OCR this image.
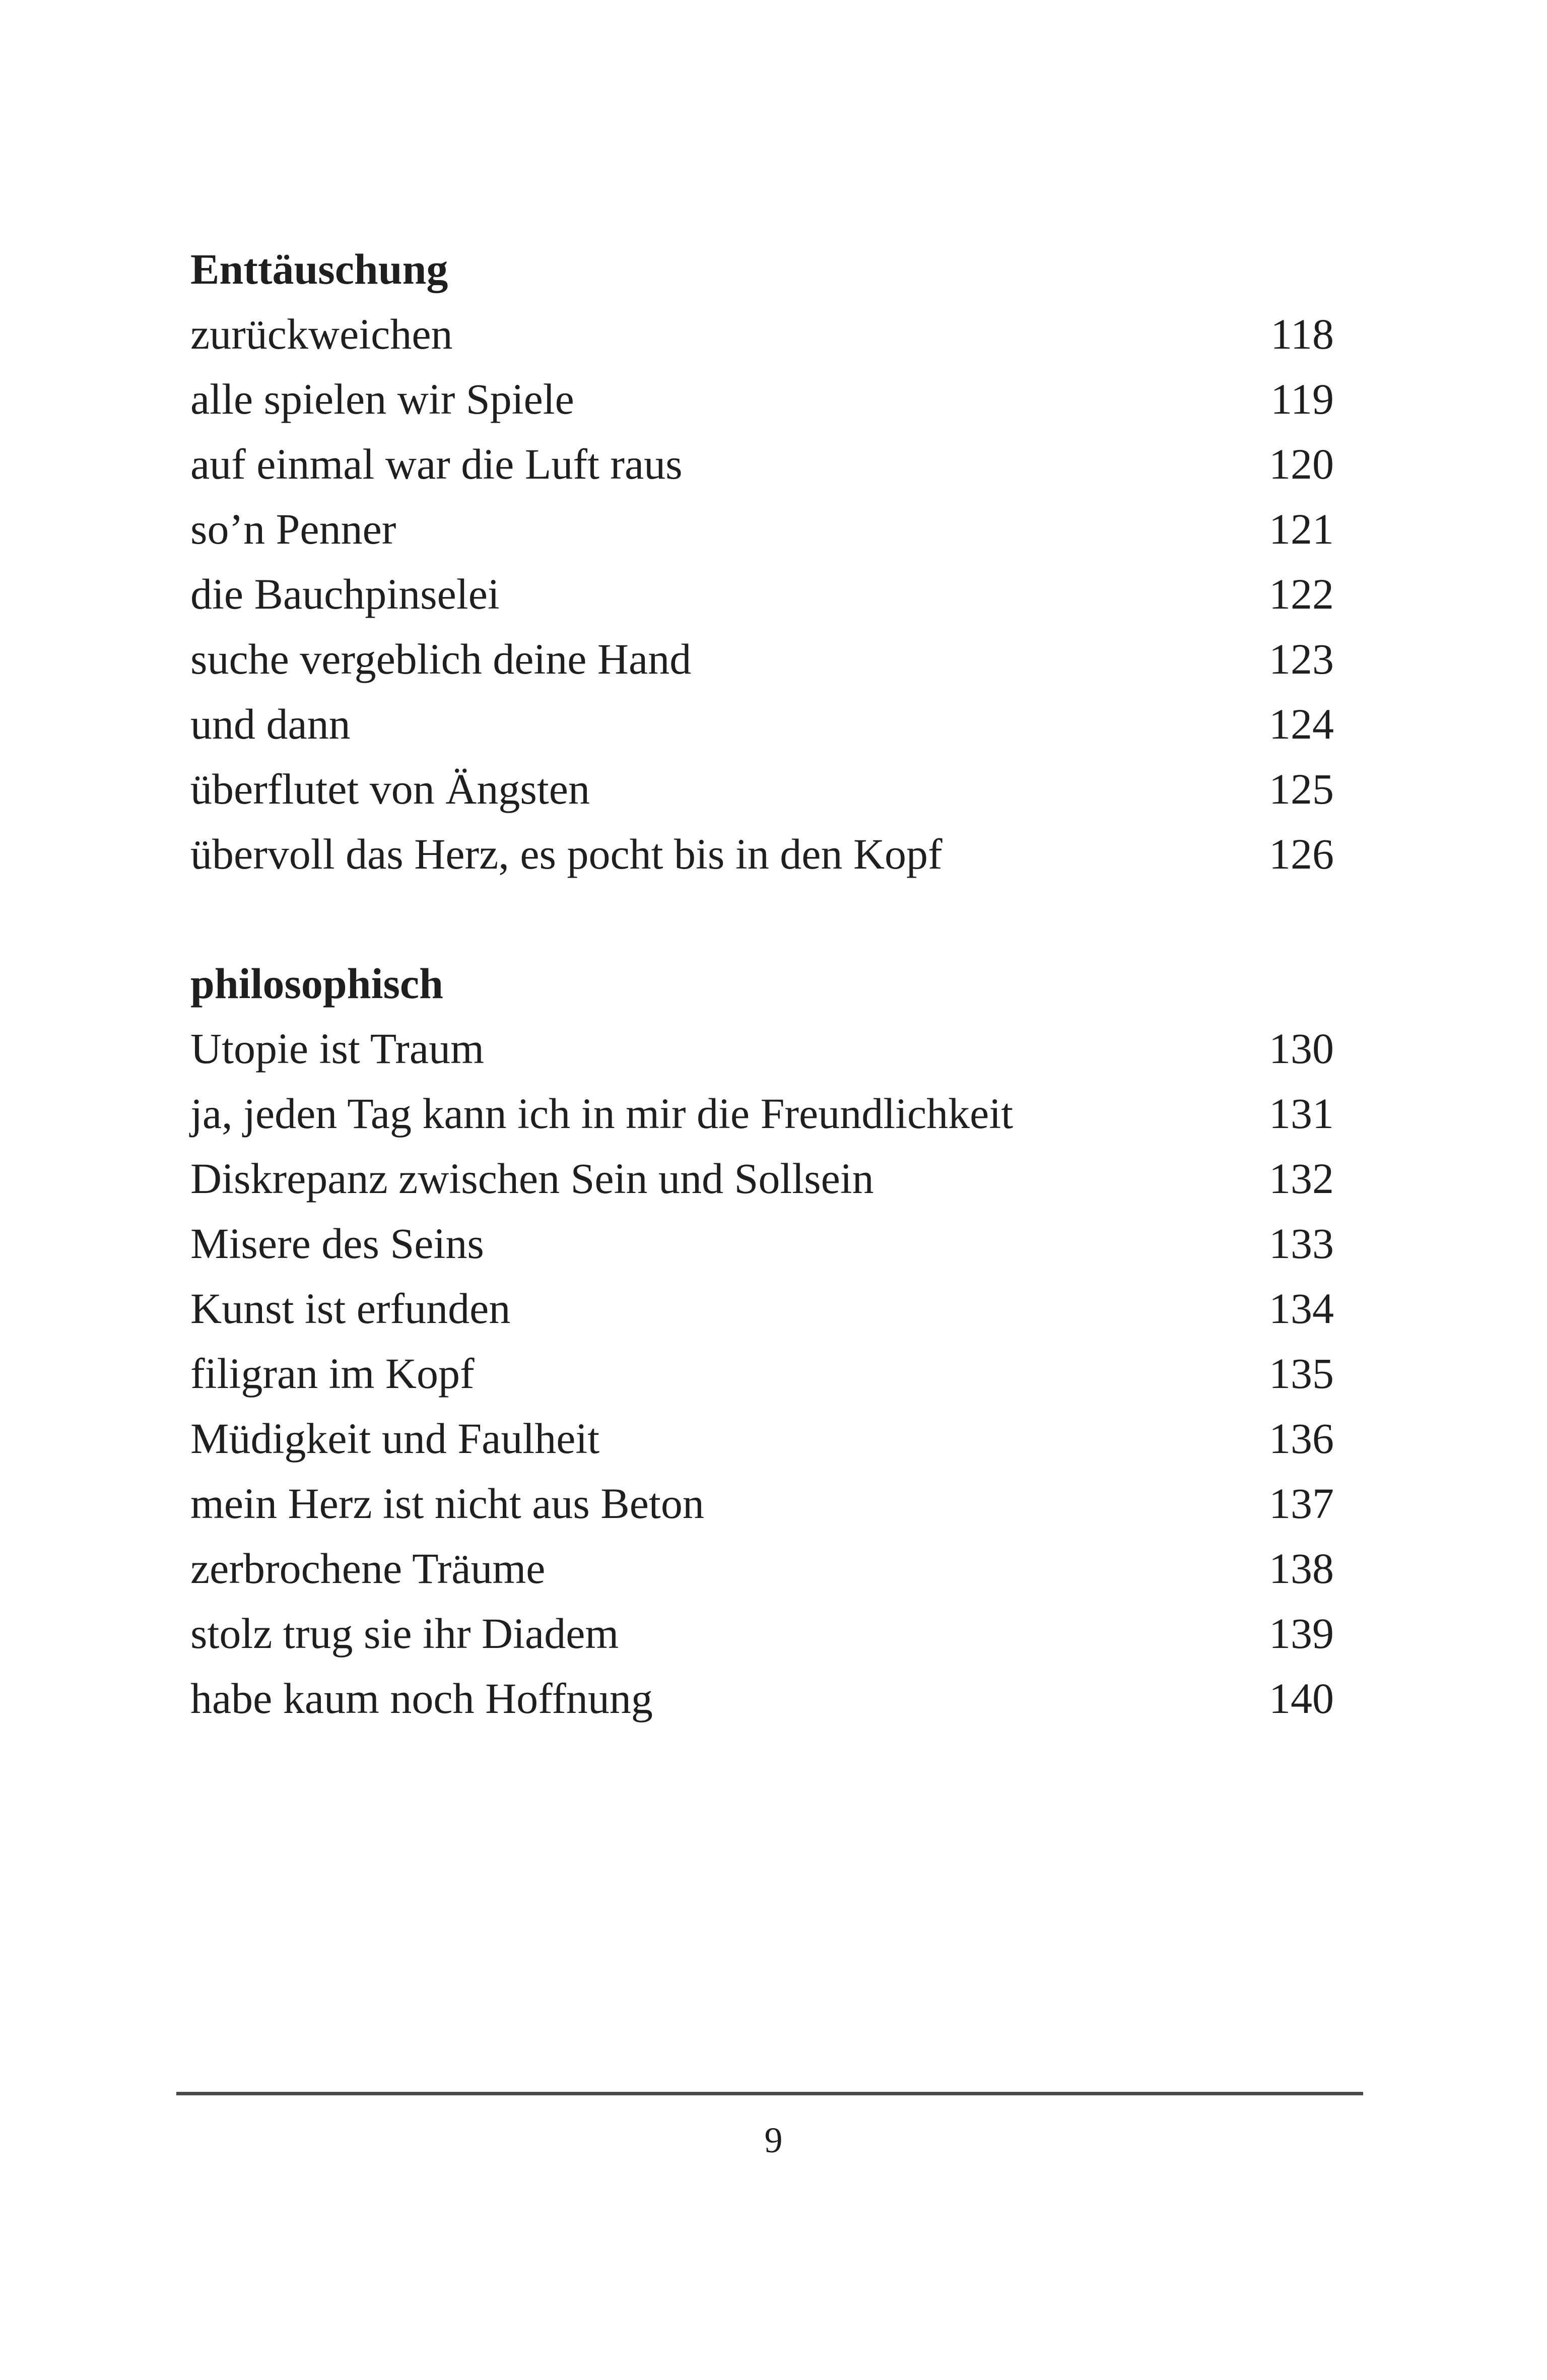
Enttäuschung
zurückweichen	118
alle spielen wir Spiele	119
auf einmal war die Luft raus	120
so’n Penner	121
die Bauchpinselei	122
suche vergeblich deine Hand	123
und dann	124
überflutet von Ängsten	125
übervoll das Herz, es pocht bis in den Kopf	126
philosophisch
Utopie ist Traum	130
ja, jeden Tag kann ich in mir die Freundlichkeit	131
Diskrepanz zwischen Sein und Sollsein	132
Misere des Seins	133
Kunst ist erfunden	134
filigran im Kopf	135
Müdigkeit und Faulheit	136
mein Herz ist nicht aus Beton	137
zerbrochene Träume	138
stolz trug sie ihr Diadem	139
habe kaum noch Hoffnung	140
9
